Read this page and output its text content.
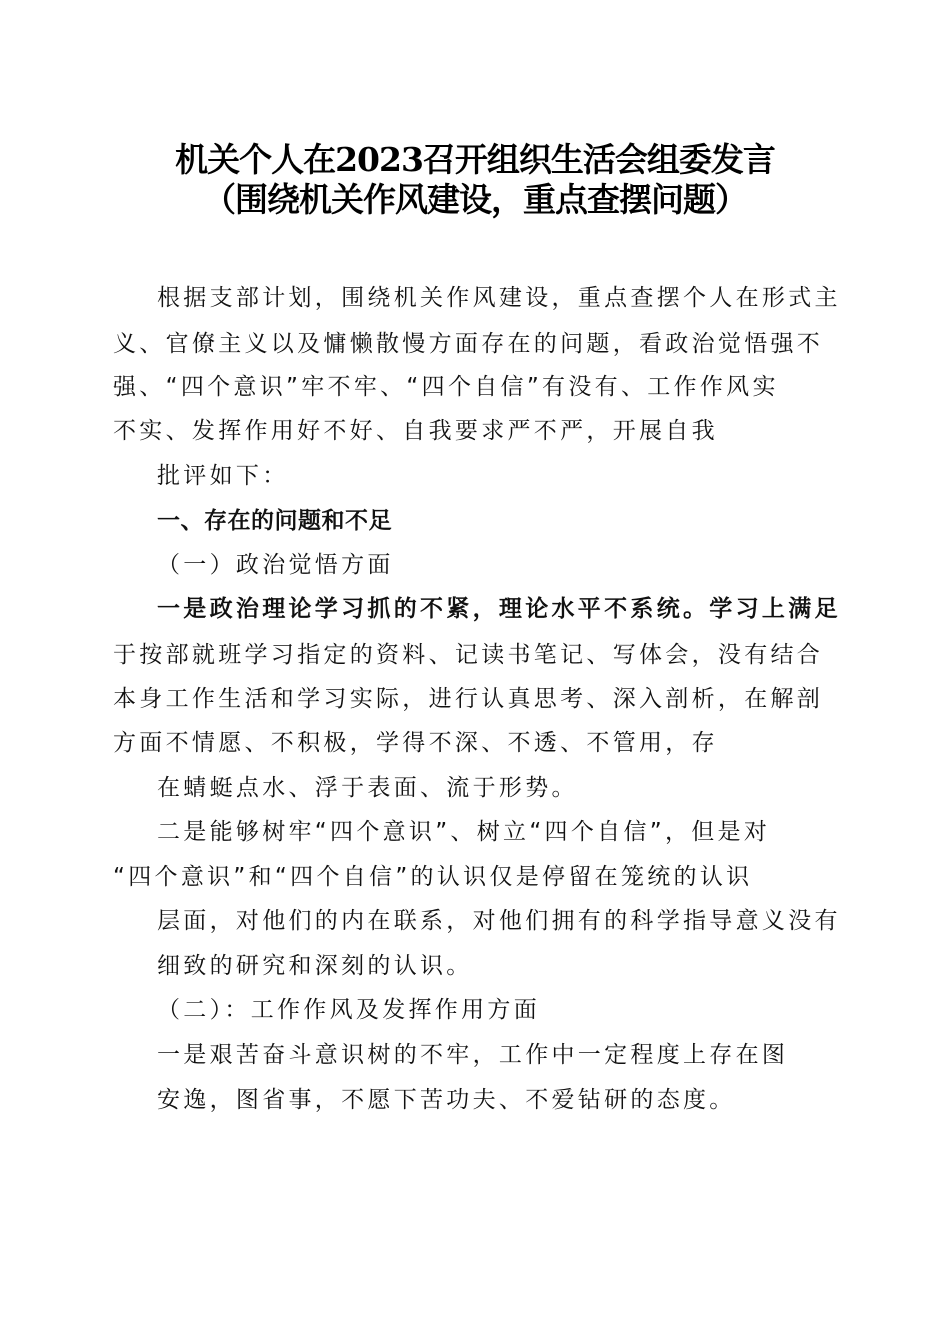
机关个人在2023召开组织生活会组委发言
（围绕机关作风建设，重点查摆问题）
根据支部计划，围绕机关作风建设，重点查摆个人在形式主
义、官僚主义以及慵懒散慢方面存在的问题，看政治觉悟强不
强、“四个意识”牢不牢、“四个自信”有没有、工作作风实
不实、发挥作用好不好、自我要求严不严，开展自我
批评如下：
一、存在的问题和不足
（一）政治觉悟方面
一是政治理论学习抓的不紧，理论水平不系统。学习上满足
于按部就班学习指定的资料、记读书笔记、写体会，没有结合
本身工作生活和学习实际，进行认真思考、深入剖析，在解剖
方面不情愿、不积极，学得不深、不透、不管用，存
在蜻蜓点水、浮于表面、流于形势。
二是能够树牢“四个意识”、树立“四个自信”，但是对
“四个意识”和“四个自信”的认识仅是停留在笼统的认识
层面，对他们的内在联系，对他们拥有的科学指导意义没有
细致的研究和深刻的认识。
（二）：工作作风及发挥作用方面
一是艰苦奋斗意识树的不牢，工作中一定程度上存在图
安逸，图省事，不愿下苦功夫、不爱钻研的态度。
